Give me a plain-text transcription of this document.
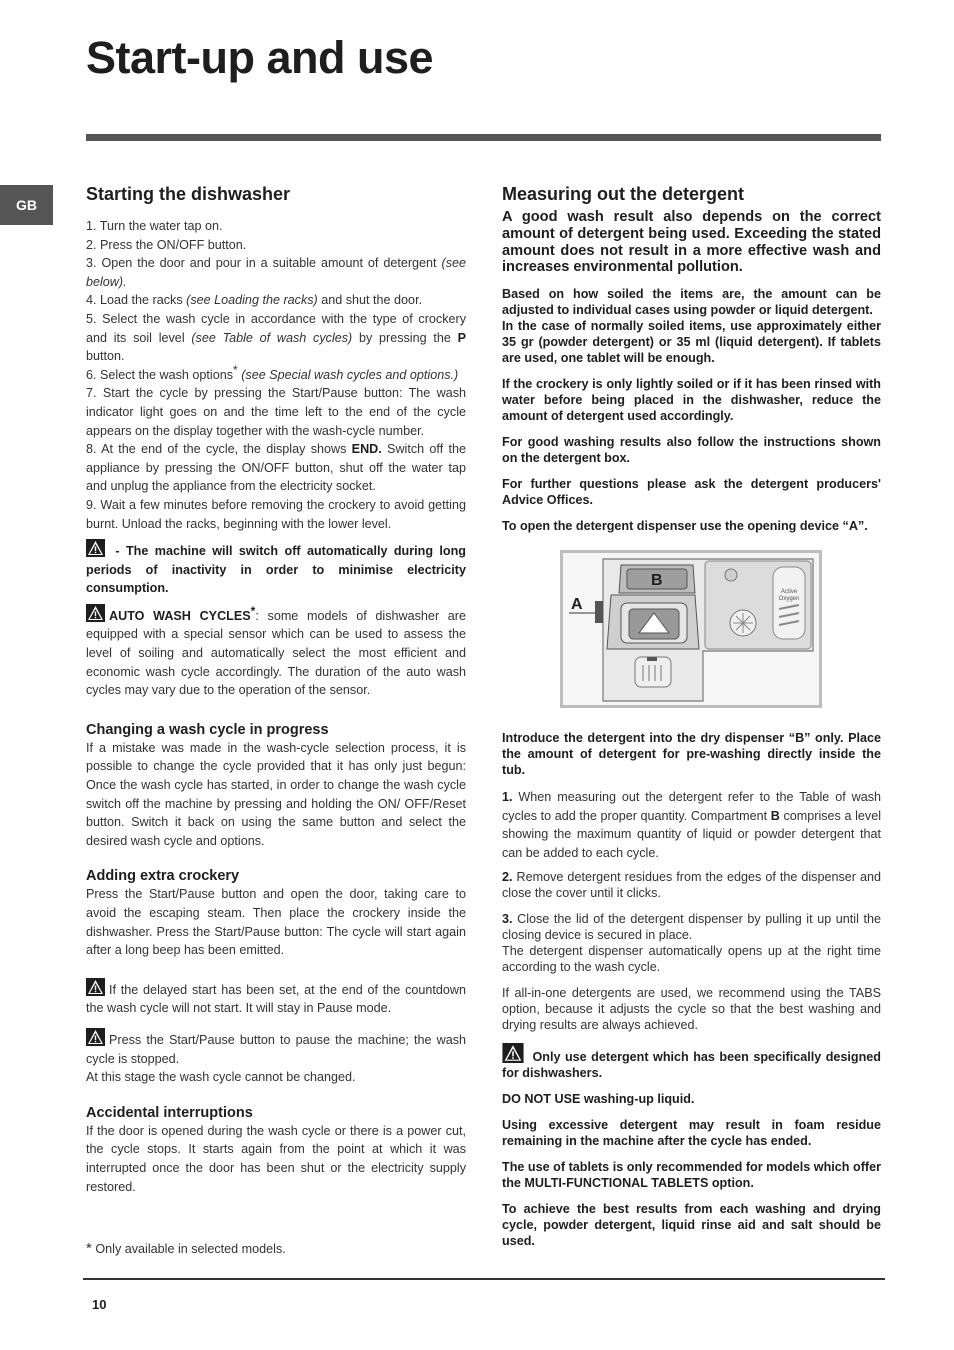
Start-up and use
GB
Starting the dishwasher
1. Turn the water tap on.
2. Press the ON/OFF button.
3. Open the door and pour in a suitable amount of detergent (see below).
4. Load the racks (see Loading the racks) and shut the door.
5. Select the wash cycle in accordance with the type of crockery and its soil level (see Table of wash cycles) by pressing the P button.
6. Select the wash options* (see Special wash cycles and options.)
7. Start the cycle by pressing the Start/Pause button: The wash indicator light goes on and the time left to the end of the cycle appears on the display together with the wash-cycle number.
8. At the end of the cycle, the display shows END. Switch off the appliance by pressing the ON/OFF button, shut off the water tap and unplug the appliance from the electricity socket.
9. Wait a few minutes before removing the crockery to avoid getting burnt. Unload the racks, beginning with the lower level.
- The machine will switch off automatically during long periods of inactivity in order to minimise electricity consumption.
AUTO WASH CYCLES*: some models of dishwasher are equipped with a special sensor which can be used to assess the level of soiling and automatically select the most efficient and economic wash cycle accordingly. The duration of the auto wash cycles may vary due to the operation of the sensor.
Changing a wash cycle in progress
If a mistake was made in the wash-cycle selection process, it is possible to change the cycle provided that it has only just begun: Once the wash cycle has started, in order to change the wash cycle switch off the machine by pressing and holding the ON/ OFF/Reset button. Switch it back on using the same button and select the desired wash cycle and options.
Adding extra crockery
Press the Start/Pause button and open the door, taking care to avoid the escaping steam. Then place the crockery inside the dishwasher. Press the Start/Pause button: The cycle will start again after a long beep has been emitted.
If the delayed start has been set, at the end of the countdown the wash cycle will not start. It will stay in Pause mode.
Press the Start/Pause button to pause the machine; the wash cycle is stopped.
At this stage the wash cycle cannot be changed.
Accidental interruptions
If the door is opened during the wash cycle or there is a power cut, the cycle stops. It starts again from the point at which it was interrupted once the door has been shut or the electricity supply restored.
Measuring out the detergent
A good wash result also depends on the correct amount of detergent being used. Exceeding the stated amount does not result in a more effective wash and increases environmental pollution.
Based on how soiled the items are, the amount can be adjusted to individual cases using powder or liquid detergent.
In the case of normally soiled items, use approximately either 35 gr (powder detergent) or 35 ml (liquid detergent). If tablets are used, one tablet will be enough.
If the crockery is only lightly soiled or if it has been rinsed with water before being placed in the dishwasher, reduce the amount of detergent used accordingly.
For good washing results also follow the instructions shown on the detergent box.
For further questions please ask the detergent producers' Advice Offices.
To open the detergent dispenser use the opening device “A”.
Active
Oxygen
A
B
Introduce the detergent into the dry dispenser “B” only. Place the amount of detergent for pre-washing directly inside the tub.
1. When measuring out the detergent refer to the Table of wash cycles to add the proper quantity. Compartment B comprises a level showing the maximum quantity of liquid or powder detergent that can be added to each cycle.
2. Remove detergent residues from the edges of the dispenser and close the cover until it clicks.
3. Close the lid of the detergent dispenser by pulling it up until the closing device is secured in place.
The detergent dispenser automatically opens up at the right time according to the wash cycle.
If all-in-one detergents are used, we recommend using the TABS option, because it adjusts the cycle so that the best washing and drying results are always achieved.
Only use detergent which has been specifically designed for dishwashers.
DO NOT USE washing-up liquid.
Using excessive detergent may result in foam residue remaining in the machine after the cycle has ended.
The use of tablets is only recommended for models which offer the MULTI-FUNCTIONAL TABLETS option.
To achieve the best results from each washing and drying cycle, powder detergent, liquid rinse aid and salt should be used.
* Only available in selected models.
10
